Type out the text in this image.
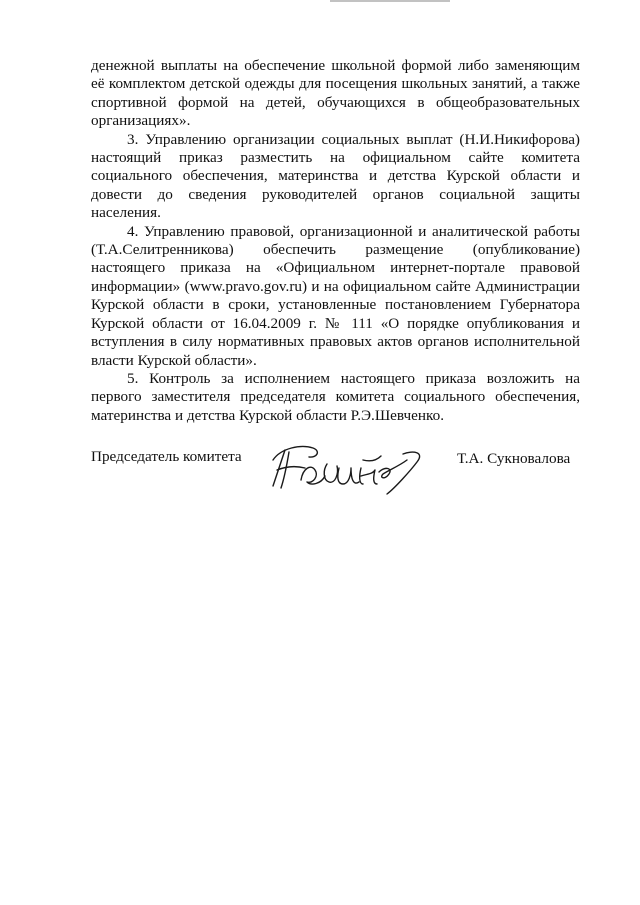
денежной выплаты на обеспечение школьной формой либо заменяющим её комплектом детской одежды для посещения школьных занятий, а также спортивной формой на детей, обучающихся в общеобразовательных организациях».

3. Управлению организации социальных выплат (Н.И.Никифорова) настоящий приказ разместить на официальном сайте комитета социального обеспечения, материнства и детства Курской области и довести до сведения руководителей органов социальной защиты населения.

4. Управлению правовой, организационной и аналитической работы (Т.А.Селитренникова) обеспечить размещение (опубликование) настоящего приказа на «Официальном интернет-портале правовой информации» (www.pravo.gov.ru) и на официальном сайте Администрации Курской области в сроки, установленные постановлением Губернатора Курской области от 16.04.2009 г. № 111 «О порядке опубликования и вступления в силу нормативных правовых актов органов исполнительной власти Курской области».

5. Контроль за исполнением настоящего приказа возложить на первого заместителя председателя комитета социального обеспечения, материнства и детства Курской области Р.Э.Шевченко.

Председатель комитета	Т.А. Сукновалова
